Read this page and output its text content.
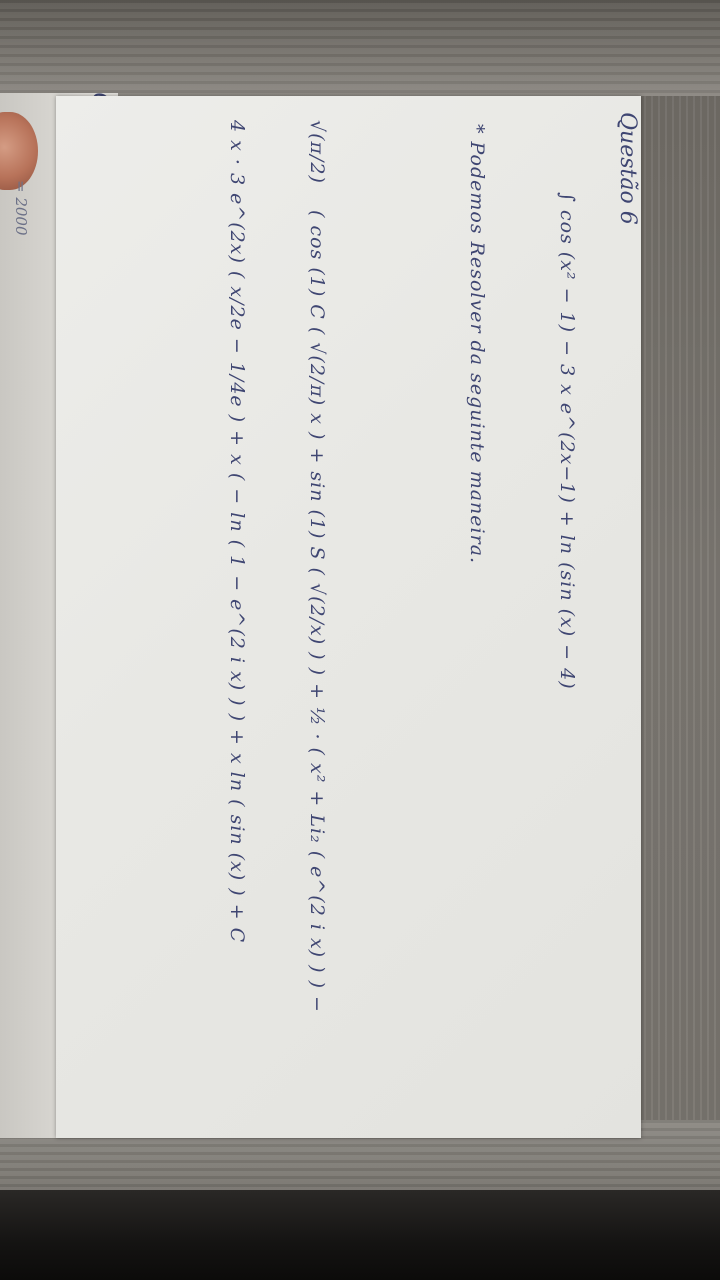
= 2000	Questão 6
∫ cos (x² − 1) − 3 x e^(2x−1) + ln (sin (x) − 4)
* Podemos Resolver da seguinte maneira.
√(π/2)
( cos (1) C ( √(2/π) x ) + sin (1) S ( √(2/x) ) ) + ½ · ( x² + Li₂ ( e^(2 i x) ) ) −
4 x · 3 e^(2x) ( x/2e − 1/4e ) + x ( − ln ( 1 − e^(2 i x) ) ) + x ln ( sin (x) ) + C
